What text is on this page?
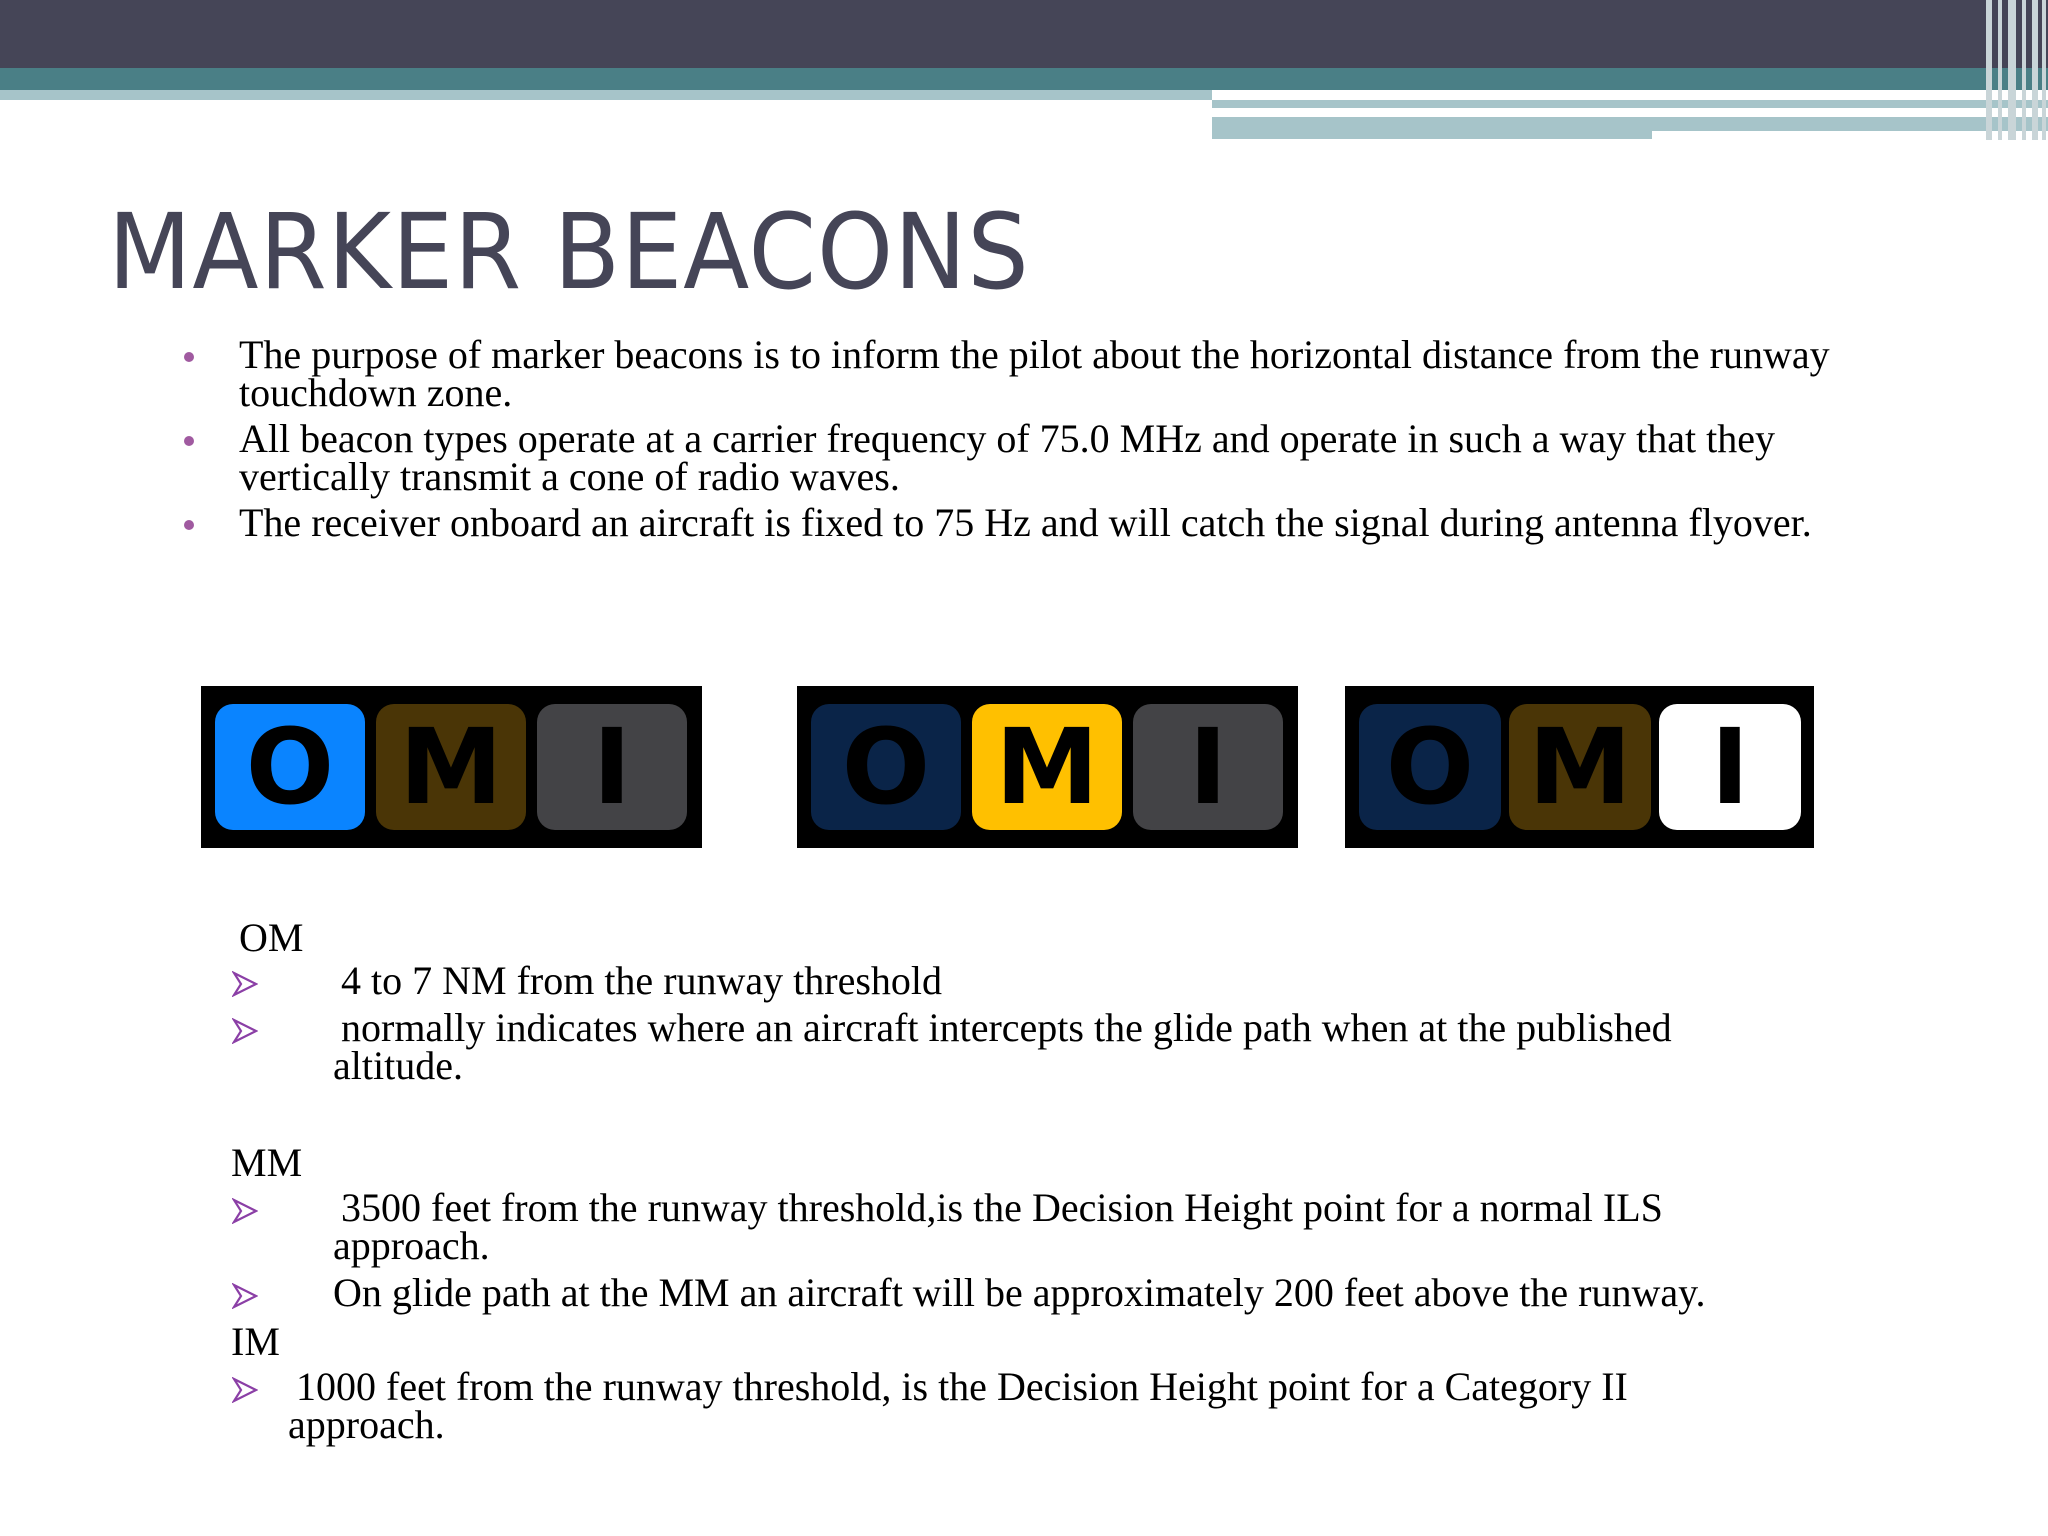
MARKER BEACONS
The purpose of marker beacons is to inform the pilot about the horizontal distance from the runway touchdown zone.
All beacon types operate at a carrier frequency of 75.0 MHz and operate in such a way that they vertically transmit a cone of radio waves.
The receiver onboard an aircraft is fixed to 75 Hz and will catch the signal during antenna flyover.
O M I	O M I	O M I
OM
4 to 7 NM from the runway threshold
normally indicates where an aircraft intercepts the glide path when at the published
altitude.
MM
3500 feet from the runway threshold,is the Decision Height point for a normal ILS
approach.
On glide path at the MM an aircraft will be approximately 200 feet above the runway.
IM
1000 feet from the runway threshold, is the Decision Height point for a Category II
approach.
